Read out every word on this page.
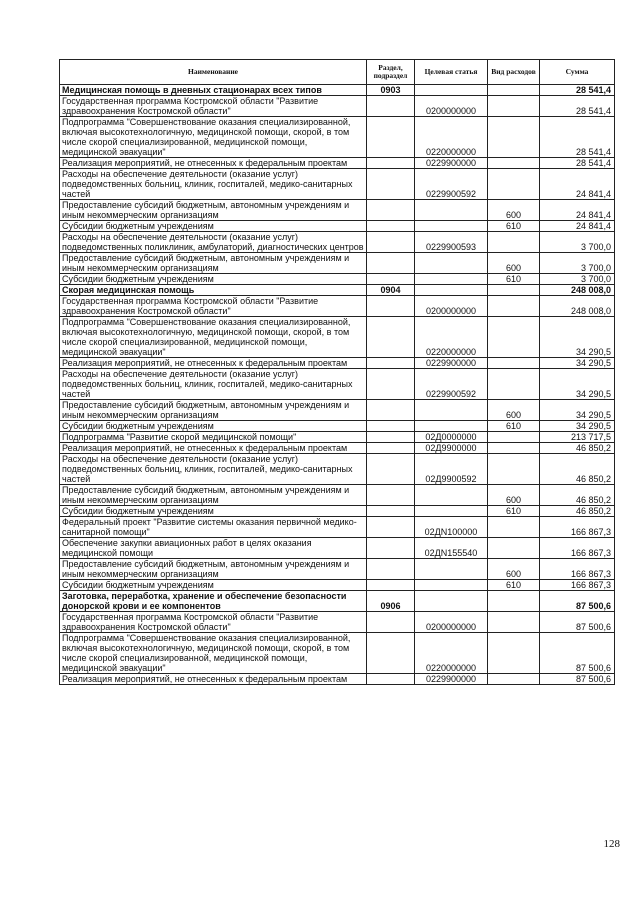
Наименование	Раздел, подраздел	Целевая статья	Вид расходов	Сумма
Медицинская помощь в дневных стационарах всех типов	0903			28 541,4
Государственная программа Костромской области "Развитие здравоохранения Костромской области"		0200000000		28 541,4
Подпрограмма "Совершенствование оказания специализированной, включая высокотехнологичную, медицинской помощи, скорой, в том числе скорой специализированной, медицинской помощи, медицинской эвакуации"		0220000000		28 541,4
Реализация мероприятий, не отнесенных к федеральным проектам		0229900000		28 541,4
Расходы на обеспечение деятельности (оказание услуг) подведомственных больниц, клиник, госпиталей, медико-санитарных частей		0229900592		24 841,4
Предоставление субсидий бюджетным, автономным учреждениям и иным некоммерческим организациям			600	24 841,4
Субсидии бюджетным учреждениям			610	24 841,4
Расходы на обеспечение деятельности (оказание услуг) подведомственных поликлиник, амбулаторий, диагностических центров		0229900593		3 700,0
Предоставление субсидий бюджетным, автономным учреждениям и иным некоммерческим организациям			600	3 700,0
Субсидии бюджетным учреждениям			610	3 700,0
Скорая медицинская помощь	0904			248 008,0
Государственная программа Костромской области "Развитие здравоохранения Костромской области"		0200000000		248 008,0
Подпрограмма "Совершенствование оказания специализированной, включая высокотехнологичную, медицинской помощи, скорой, в том числе скорой специализированной, медицинской помощи, медицинской эвакуации"		0220000000		34 290,5
Реализация мероприятий, не отнесенных к федеральным проектам		0229900000		34 290,5
Расходы на обеспечение деятельности (оказание услуг) подведомственных больниц, клиник, госпиталей, медико-санитарных частей		0229900592		34 290,5
Предоставление субсидий бюджетным, автономным учреждениям и иным некоммерческим организациям			600	34 290,5
Субсидии бюджетным учреждениям			610	34 290,5
Подпрограмма "Развитие скорой медицинской помощи"		02Д0000000		213 717,5
Реализация мероприятий, не отнесенных к федеральным проектам		02Д9900000		46 850,2
Расходы на обеспечение деятельности (оказание услуг) подведомственных больниц, клиник, госпиталей, медико-санитарных частей		02Д9900592		46 850,2
Предоставление субсидий бюджетным, автономным учреждениям и иным некоммерческим организациям			600	46 850,2
Субсидии бюджетным учреждениям			610	46 850,2
Федеральный проект "Развитие системы оказания первичной медико-санитарной помощи"		02ДN100000		166 867,3
Обеспечение закупки авиационных работ в целях оказания медицинской помощи		02ДN155540		166 867,3
Предоставление субсидий бюджетным, автономным учреждениям и иным некоммерческим организациям			600	166 867,3
Субсидии бюджетным учреждениям			610	166 867,3
Заготовка, переработка, хранение и обеспечение безопасности донорской крови и ее компонентов	0906			87 500,6
Государственная программа Костромской области "Развитие здравоохранения Костромской области"		0200000000		87 500,6
Подпрограмма "Совершенствование оказания специализированной, включая высокотехнологичную, медицинской помощи, скорой, в том числе скорой специализированной, медицинской помощи, медицинской эвакуации"		0220000000		87 500,6
Реализация мероприятий, не отнесенных к федеральным проектам		0229900000		87 500,6
128
